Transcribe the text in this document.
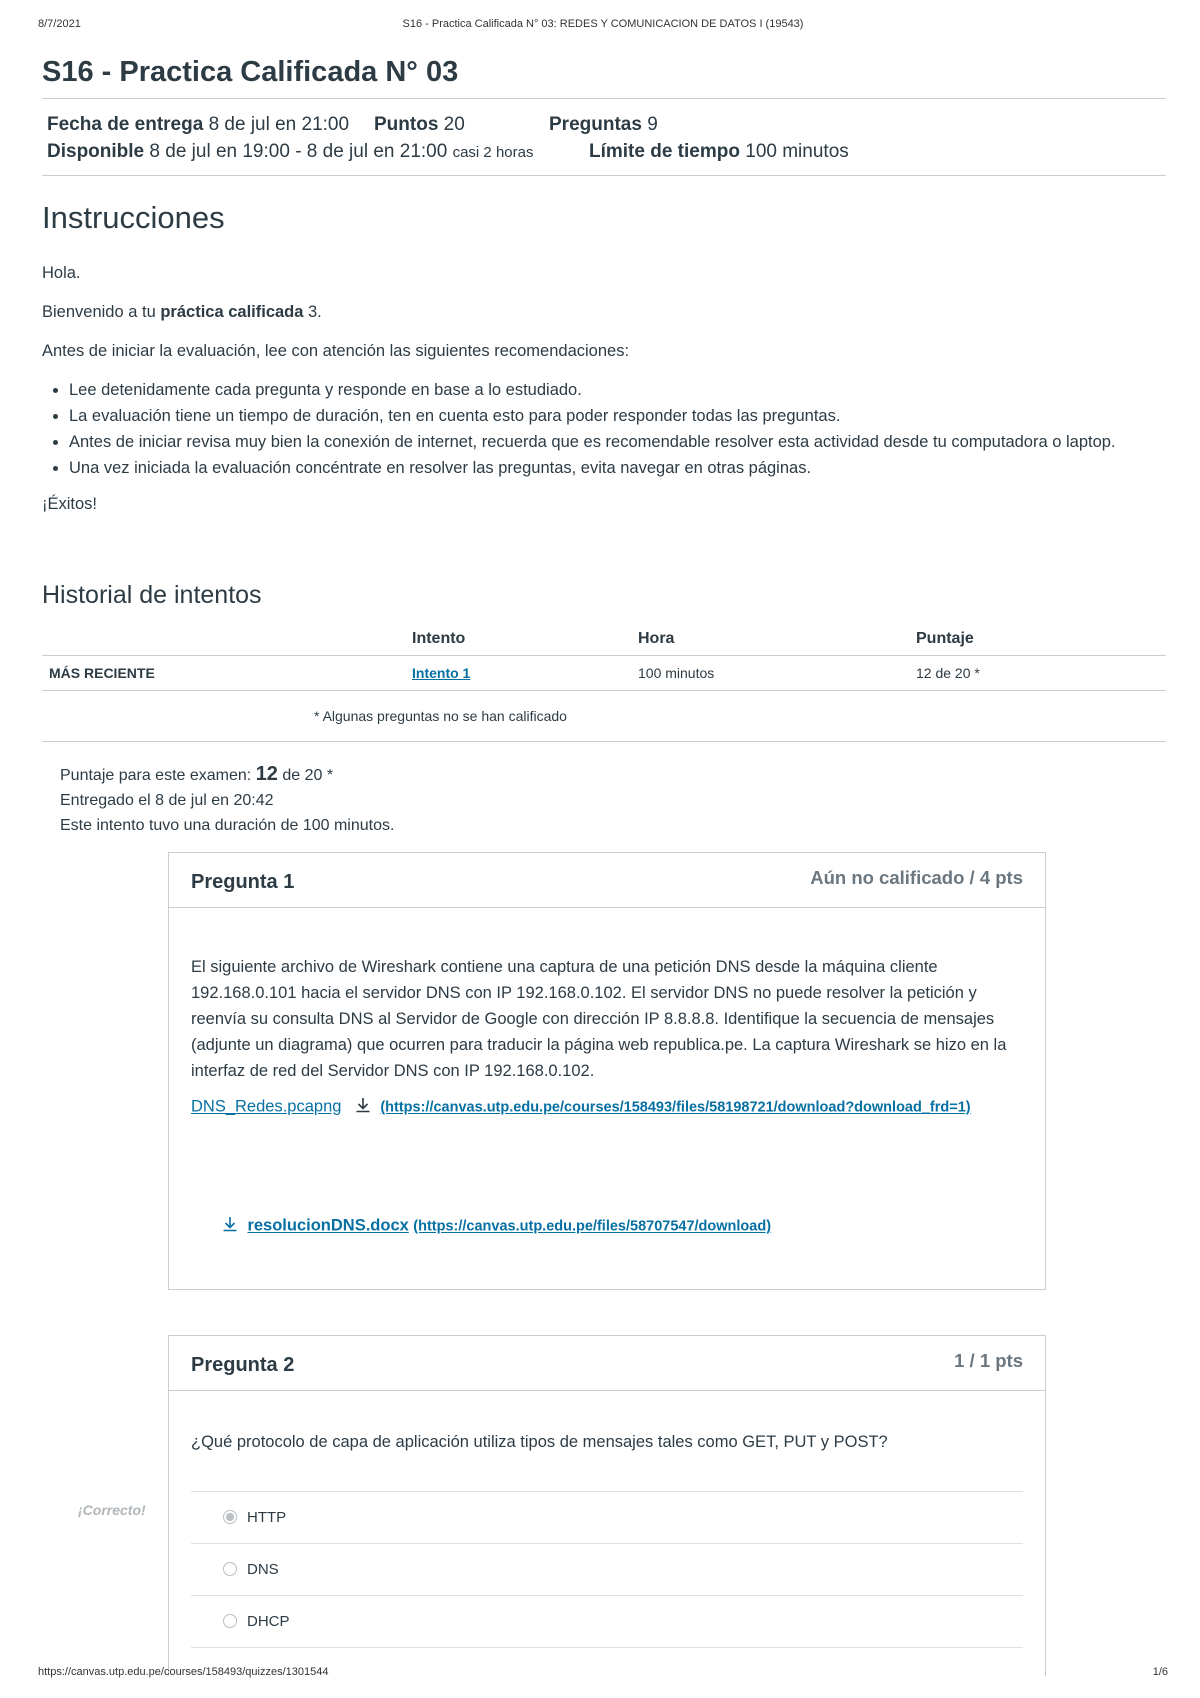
8/7/2021	S16 - Practica Calificada N° 03: REDES Y COMUNICACION DE DATOS I (19543)
S16 - Practica Calificada N° 03
Fecha de entrega 8 de jul en 21:00 Puntos 20	Preguntas 9
Disponible 8 de jul en 19:00 - 8 de jul en 21:00 casi 2 horas	Límite de tiempo 100 minutos
Instrucciones

Hola.

Bienvenido a tu práctica calificada 3.

Antes de iniciar la evaluación, lee con atención las siguientes recomendaciones:

• Lee detenidamente cada pregunta y responde en base a lo estudiado.
• La evaluación tiene un tiempo de duración, ten en cuenta esto para poder responder todas las preguntas.
• Antes de iniciar revisa muy bien la conexión de internet, recuerda que es recomendable resolver esta actividad desde tu computadora o laptop.
• Una vez iniciada la evaluación concéntrate en resolver las preguntas, evita navegar en otras páginas.

¡Éxitos!

Historial de intentos
	Intento	Hora	Puntaje
MÁS RECIENTE	Intento 1	100 minutos	12 de 20 *
* Algunas preguntas no se han calificado
Puntaje para este examen: 12 de 20 *
Entregado el 8 de jul en 20:42
Este intento tuvo una duración de 100 minutos.
Pregunta 1	Aún no calificado / 4 pts
El siguiente archivo de Wireshark contiene una captura de una petición DNS desde la máquina cliente 192.168.0.101 hacia el servidor DNS con IP 192.168.0.102. El servidor DNS no puede resolver la petición y reenvía su consulta DNS al Servidor de Google con dirección IP 8.8.8.8. Identifique la secuencia de mensajes (adjunte un diagrama) que ocurren para traducir la página web republica.pe. La captura Wireshark se hizo en la interfaz de red del Servidor DNS con IP 192.168.0.102.
DNS_Redes.pcapng	(https://canvas.utp.edu.pe/courses/158493/files/58198721/download?download_frd=1)
resolucionDNS.docx (https://canvas.utp.edu.pe/files/58707547/download)
Pregunta 2	1 / 1 pts
¿Qué protocolo de capa de aplicación utiliza tipos de mensajes tales como GET, PUT y POST?
HTTP
DNS
DHCP
¡Correcto!
https://canvas.utp.edu.pe/courses/158493/quizzes/1301544	1/6
